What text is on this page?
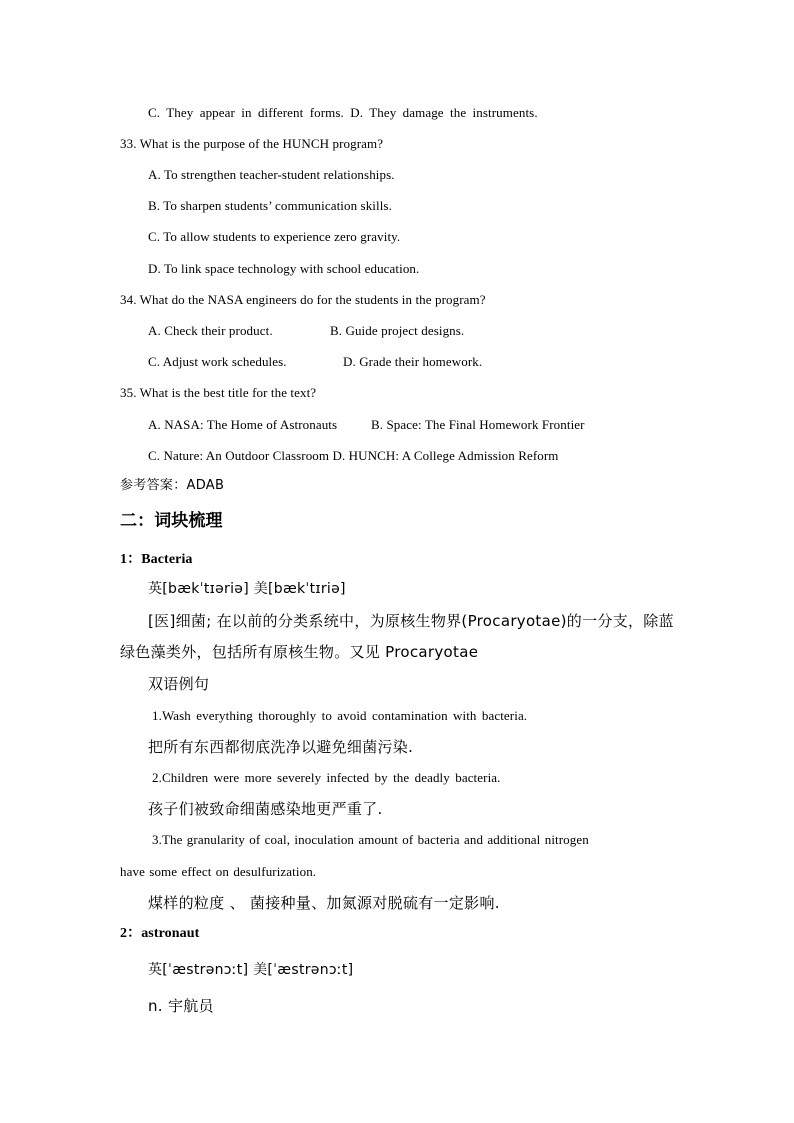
C. They appear in different forms. D. They damage the instruments.
33. What is the purpose of the HUNCH program?
A. To strengthen teacher-student relationships.
B. To sharpen students’ communication skills.
C. To allow students to experience zero gravity.
D. To link space technology with school education.
34. What do the NASA engineers do for the students in the program?
A. Check their product.	B. Guide project designs.
C. Adjust work schedules.	D. Grade their homework.
35. What is the best title for the text?
A. NASA: The Home of Astronauts	B. Space: The Final Homework Frontier
C. Nature: An Outdoor Classroom D. HUNCH: A College Admission Reform
参考答案：ADAB
二：词块梳理
1：Bacteria
英[bækˈtɪəriə] 美[bækˈtɪriə]
[医]细菌; 在以前的分类系统中，为原核生物界(Procaryotae)的一分支，除蓝
绿色藻类外，包括所有原核生物。又见 Procaryotae
双语例句
1.Wash everything thoroughly to avoid contamination with bacteria.
把所有东西都彻底洗净以避免细菌污染.
2.Children were more severely infected by the deadly bacteria.
孩子们被致命细菌感染地更严重了.
3.The granularity of coal, inoculation amount of bacteria and additional nitrogen
have some effect on desulfurization.
煤样的粒度 、 菌接种量、加氮源对脱硫有一定影响.
2：astronaut
英[ˈæstrənɔːt] 美[ˈæstrənɔːt]
n. 宇航员
